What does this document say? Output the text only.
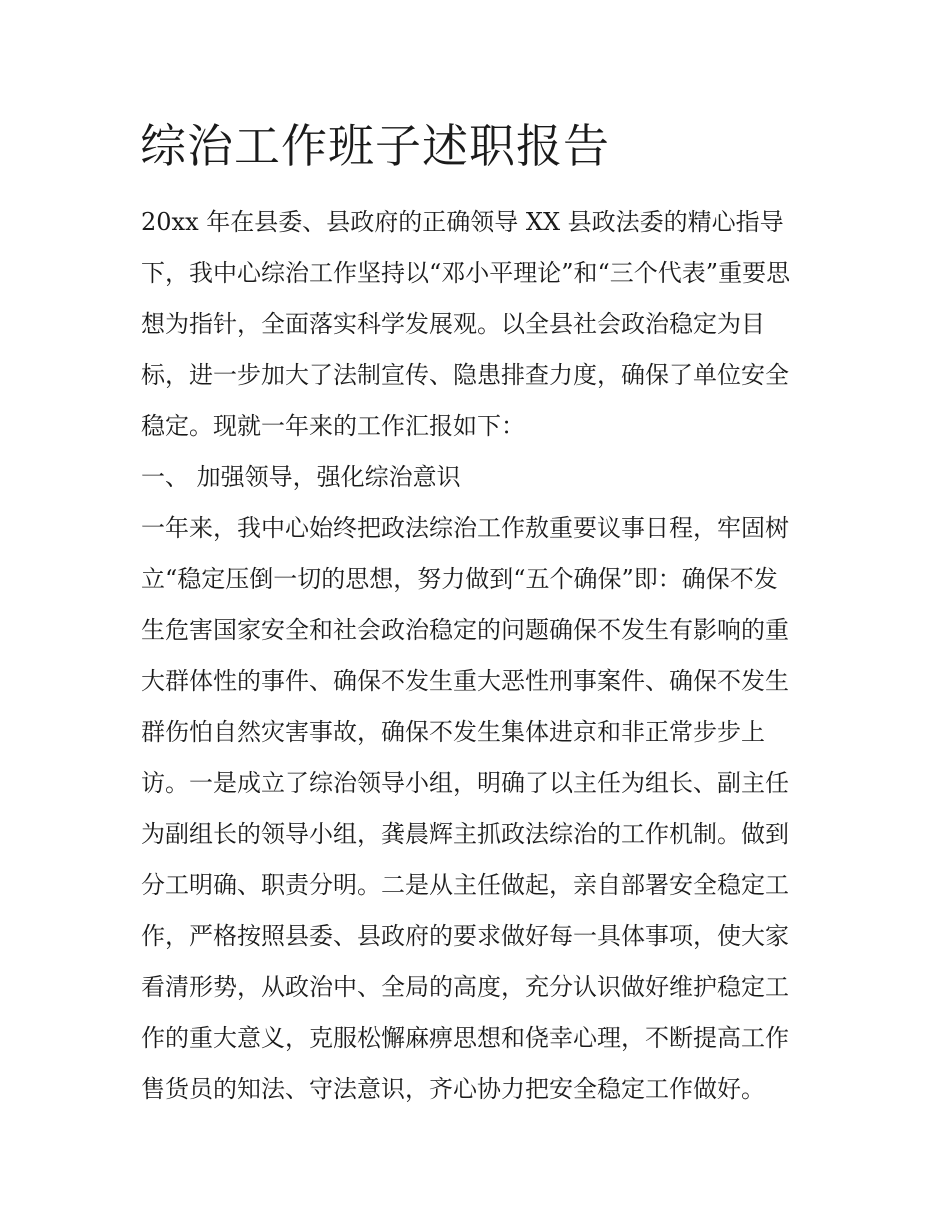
综治工作班子述职报告
20xx 年在县委、县政府的正确领导 XX 县政法委的精心指导
下，我中心综治工作坚持以“邓小平理论”和“三个代表”重要思
想为指针，全面落实科学发展观。以全县社会政治稳定为目
标，进一步加大了法制宣传、隐患排查力度，确保了单位安全
稳定。现就一年来的工作汇报如下：
一、 加强领导，强化综治意识
一年来，我中心始终把政法综治工作敖重要议事日程，牢固树
立“稳定压倒一切的思想，努力做到“五个确保”即：确保不发
生危害国家安全和社会政治稳定的问题确保不发生有影响的重
大群体性的事件、确保不发生重大恶性刑事案件、确保不发生
群伤怕自然灾害事故，确保不发生集体进京和非正常步步上
访。一是成立了综治领导小组，明确了以主任为组长、副主任
为副组长的领导小组，龚晨辉主抓政法综治的工作机制。做到
分工明确、职责分明。二是从主任做起，亲自部署安全稳定工
作，严格按照县委、县政府的要求做好每一具体事项，使大家
看清形势，从政治中、全局的高度，充分认识做好维护稳定工
作的重大意义，克服松懈麻痹思想和侥幸心理，不断提高工作
售货员的知法、守法意识，齐心协力把安全稳定工作做好。
